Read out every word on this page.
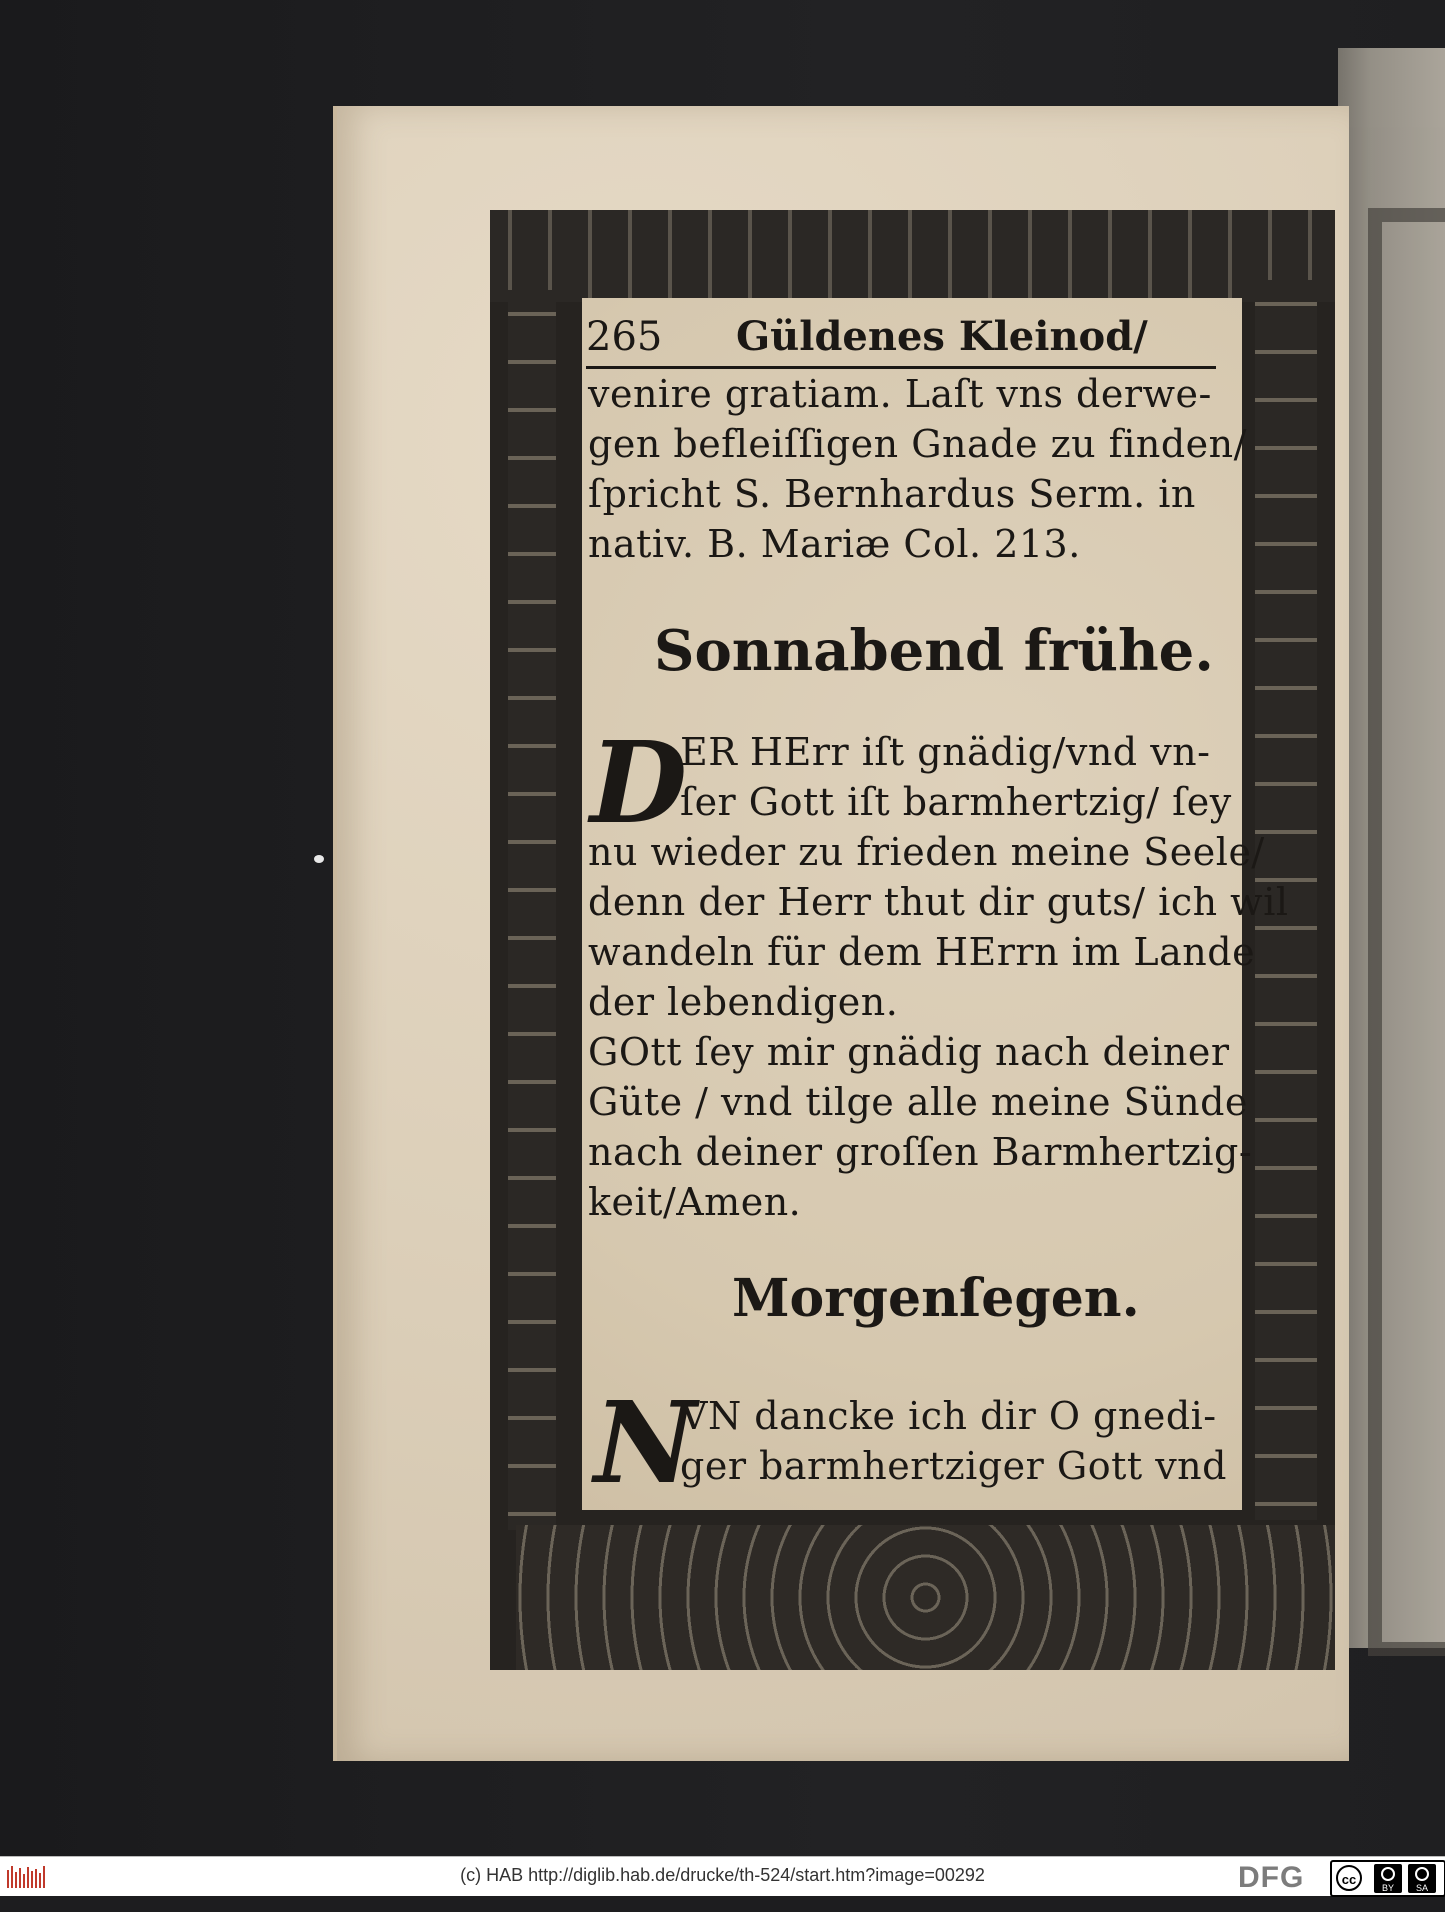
265 Güldenes Kleinod/
venire gratiam. Laſt vns derwe-
gen befleiſſigen Gnade zu finden/
ſpricht S. Bernhardus Serm. in
nativ. B. Mariæ Col. 213.
Sonnabend frühe.
D
ER HErr iſt gnädig/vnd vn-
ſer Gott iſt barmhertzig/ ſey
nu wieder zu frieden meine Seele/
denn der Herr thut dir guts/ ich wil
wandeln für dem HErrn im Lande
der lebendigen.
GOtt ſey mir gnädig nach deiner
Güte / vnd tilge alle meine Sünde
nach deiner groſſen Barmhertzig-
keit/Amen.
Morgenſegen.
N
VN dancke ich dir O gnedi-
ger barmhertziger Gott vnd
(c) HAB http://diglib.hab.de/drucke/th-524/start.htm?image=00292	DFG	cc
BY	SA
